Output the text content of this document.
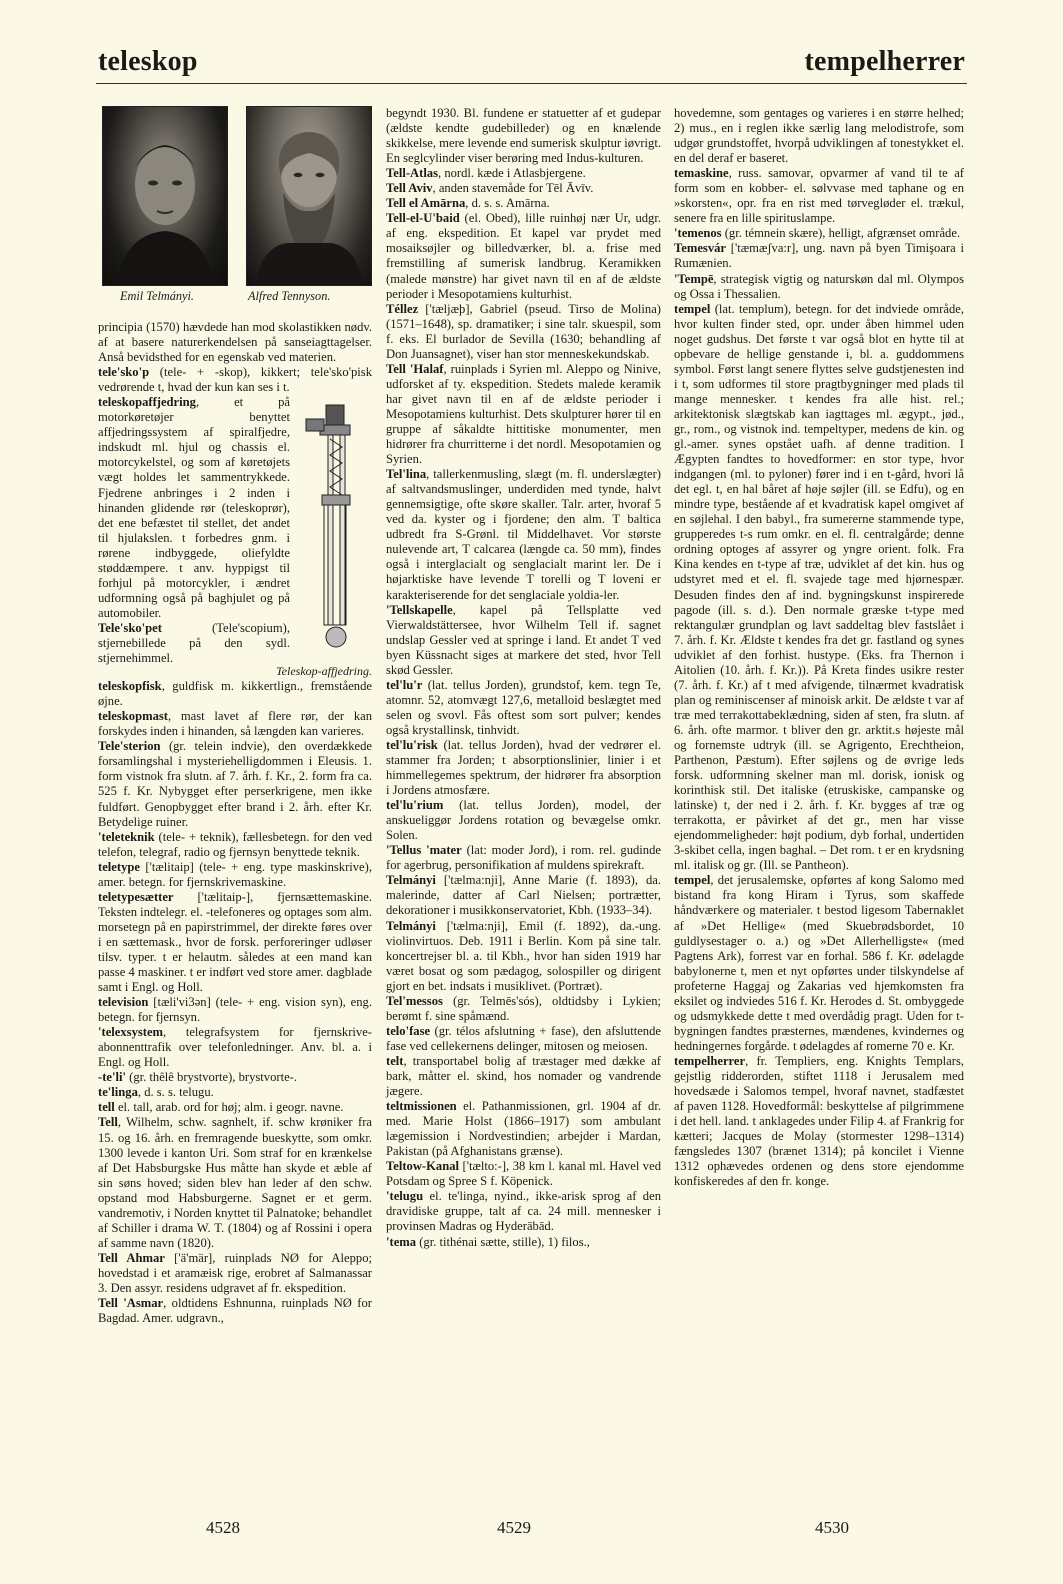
teleskop	tempelherrer
Emil Telmányi.	Alfred Tennyson.

principia (1570) hævdede han mod skolastikken nødv. af at basere naturerkendelsen på sanseiagttagelser. Anså bevidsthed for en egenskab ved materien.

tele'sko'p (tele- + -skop), kikkert; tele'sko'pisk vedrørende t, hvad der kun kan ses i t.

teleskopaffjedring, et på motorkøretøjer benyttet affjedringssystem af spiralfjedre, indskudt ml. hjul og chassis el. motorcykelstel, og som af køretøjets vægt holdes let sammentrykkede. Fjedrene anbringes i 2 inden i hinanden glidende rør (teleskoprør), det ene befæstet til stellet, det andet til hjulakslen. t forbedres gnm. i rørene indbyggede, oliefyldte støddæmpere. t anv. hyppigst til forhjul på motorcykler, i ændret udformning også på baghjulet og på automobiler.

Tele'sko'pet (Tele'scopium), stjernebillede på den sydl. stjernehimmel.

Teleskop-affjedring.

teleskopfisk, guldfisk m. kikkertlign., fremstående øjne.

teleskopmast, mast lavet af flere rør, der kan forskydes inden i hinanden, så længden kan varieres.

Tele'sterion (gr. telein indvie), den overdækkede forsamlingshal i mysteriehelligdommen i Eleusis. 1. form vistnok fra slutn. af 7. årh. f. Kr., 2. form fra ca. 525 f. Kr. Nybygget efter perserkrigene, men ikke fuldført. Genopbygget efter brand i 2. årh. efter Kr. Betydelige ruiner.

'teleteknik (tele- + teknik), fællesbetegn. for den ved telefon, telegraf, radio og fjernsyn benyttede teknik.

teletype ['tælitaip] (tele- + eng. type maskinskrive), amer. betegn. for fjernskrivemaskine.

teletypesætter ['tælitaip-], fjernsættemaskine. Teksten indtelegr. el. -telefoneres og optages som alm. morsetegn på en papirstrimmel, der direkte føres over i en sættemask., hvor de forsk. perforeringer udløser tilsv. typer. t er helautm. således at een mand kan passe 4 maskiner. t er indført ved store amer. dagblade samt i Engl. og Holl.

television [tæli'vi3ən] (tele- + eng. vision syn), eng. betegn. for fjernsyn.

'telexsystem, telegrafsystem for fjernskrive-abonnenttrafik over telefonledninger. Anv. bl. a. i Engl. og Holl.

-te'li' (gr. thêlê brystvorte), brystvorte-.

te'linga, d. s. s. telugu.

tell el. tall, arab. ord for høj; alm. i geogr. navne.

Tell, Wilhelm, schw. sagnhelt, if. schw krøniker fra 15. og 16. årh. en fremragende bueskytte, som omkr. 1300 levede i kanton Uri. Som straf for en krænkelse af Det Habsburgske Hus måtte han skyde et æble af sin søns hoved; siden blev han leder af den schw. opstand mod Habsburgerne. Sagnet er et germ. vandremotiv, i Norden knyttet til Palnatoke; behandlet af Schiller i drama W. T. (1804) og af Rossini i opera af samme navn (1820).

Tell Ahmar ['ä'mär], ruinplads NØ for Aleppo; hovedstad i et aramæisk rige, erobret af Salmanassar 3. Den assyr. residens udgravet af fr. ekspedition.

Tell 'Asmar, oldtidens Eshnunna, ruinplads NØ for Bagdad. Amer. udgravn.,

begyndt 1930. Bl. fundene er statuetter af et gudepar (ældste kendte gudebilleder) og en knælende skikkelse, mere levende end sumerisk skulptur iøvrigt. En seglcylinder viser berøring med Indus-kulturen.

Tell-Atlas, nordl. kæde i Atlasbjergene.

Tell Aviv, anden stavemåde for Tēl Āvīv.

Tell el Amārna, d. s. s. Amārna.

Tell-el-U'baid (el. Obed), lille ruinhøj nær Ur, udgr. af eng. ekspedition. Et kapel var prydet med mosaiksøjler og billedværker, bl. a. frise med fremstilling af sumerisk landbrug. Keramikken (malede mønstre) har givet navn til en af de ældste perioder i Mesopotamiens kulturhist.

Téllez ['tæljæþ], Gabriel (pseud. Tirso de Molina) (1571–1648), sp. dramatiker; i sine talr. skuespil, som f. eks. El burlador de Sevilla (1630; behandling af Don Juansagnet), viser han stor menneskekundskab.

Tell 'Halaf, ruinplads i Syrien ml. Aleppo og Ninive, udforsket af ty. ekspedition. Stedets malede keramik har givet navn til en af de ældste perioder i Mesopotamiens kulturhist. Dets skulpturer hører til en gruppe af såkaldte hittitiske monumenter, men hidrører fra churritterne i det nordl. Mesopotamien og Syrien.

Tel'lina, tallerkenmusling, slægt (m. fl. underslægter) af saltvandsmuslinger, underdiden med tynde, halvt gennemsigtige, ofte skøre skaller. Talr. arter, hvoraf 5 ved da. kyster og i fjordene; den alm. T baltica udbredt fra S-Grønl. til Middelhavet. Vor største nulevende art, T calcarea (længde ca. 50 mm), findes også i interglacialt og senglacialt marint ler. De i højarktiske have levende T torelli og T loveni er karakteriserende for det senglaciale yoldia-ler.

'Tellskapelle, kapel på Tellsplatte ved Vierwaldstättersee, hvor Wilhelm Tell if. sagnet undslap Gessler ved at springe i land. Et andet T ved byen Küssnacht siges at markere det sted, hvor Tell skød Gessler.

tel'lu'r (lat. tellus Jorden), grundstof, kem. tegn Te, atomnr. 52, atomvægt 127,6, metalloid beslægtet med selen og svovl. Fås oftest som sort pulver; kendes også krystallinsk, tinhvidt.

tel'lu'risk (lat. tellus Jorden), hvad der vedrører el. stammer fra Jorden; t absorptionslinier, linier i et himmellegemes spektrum, der hidrører fra absorption i Jordens atmosfære.

tel'lu'rium (lat. tellus Jorden), model, der anskueliggør Jordens rotation og bevægelse omkr. Solen.

'Tellus 'mater (lat: moder Jord), i rom. rel. gudinde for agerbrug, personifikation af muldens spirekraft.

Telmányi ['tælma:nji], Anne Marie (f. 1893), da. malerinde, datter af Carl Nielsen; portrætter, dekorationer i musikkonservatoriet, Kbh. (1933–34).

Telmányi ['tælma:nji], Emil (f. 1892), da.-ung. violinvirtuos. Deb. 1911 i Berlin. Kom på sine talr. koncertrejser bl. a. til Kbh., hvor han siden 1919 har været bosat og som pædagog, solospiller og dirigent gjort en bet. indsats i musiklivet. (Portræt).

Tel'messos (gr. Telmēs'sós), oldtidsby i Lykien; berømt f. sine spåmænd.

telo'fase (gr. télos afslutning + fase), den afsluttende fase ved cellekernens delinger, mitosen og meiosen.

telt, transportabel bolig af træstager med dække af bark, måtter el. skind, hos nomader og vandrende jægere.

teltmissionen el. Pathanmissionen, grl. 1904 af dr. med. Marie Holst (1866–1917) som ambulant lægemission i Nordvestindien; arbejder i Mardan, Pakistan (på Afghanistans grænse).

Teltow-Kanal ['tælto:-], 38 km l. kanal ml. Havel ved Potsdam og Spree S f. Köpenick.

'telugu el. te'linga, nyind., ikke-arisk sprog af den dravidiske gruppe, talt af ca. 24 mill. mennesker i provinsen Madras og Hyderābād.

'tema (gr. tithénai sætte, stille), 1) filos.,

hovedemne, som gentages og varieres i en større helhed; 2) mus., en i reglen ikke særlig lang melodistrofe, som udgør grundstoffet, hvorpå udviklingen af tonestykket el. en del deraf er baseret.

temaskine, russ. samovar, opvarmer af vand til te af form som en kobber- el. sølvvase med taphane og en »skorsten«, opr. fra en rist med tørvegløder el. trækul, senere fra en lille spirituslampe.

'temenos (gr. témnein skære), helligt, afgrænset område.

Temesvár ['tæmæʃva:r], ung. navn på byen Timişoara i Rumænien.

'Tempē, strategisk vigtig og naturskøn dal ml. Olympos og Ossa i Thessalien.

tempel (lat. templum), betegn. for det indviede område, hvor kulten finder sted, opr. under åben himmel uden noget gudshus. Det første t var også blot en hytte til at opbevare de hellige genstande i, bl. a. guddommens symbol. Først langt senere flyttes selve gudstjenesten ind i t, som udformes til store pragtbygninger med plads til mange mennesker. t kendes fra alle hist. rel.; arkitektonisk slægtskab kan iagttages ml. ægypt., jød., gr., rom., og vistnok ind. tempeltyper, medens de kin. og gl.-amer. synes opstået uafh. af denne tradition. I Ægypten fandtes to hovedformer: en stor type, hvor indgangen (ml. to pyloner) fører ind i en t-gård, hvori lå det egl. t, en hal båret af høje søjler (ill. se Edfu), og en mindre type, bestående af et kvadratisk kapel omgivet af en søjlehal. I den babyl., fra sumererne stammende type, grupperedes t-s rum omkr. en el. fl. centralgårde; denne ordning optoges af assyrer og yngre orient. folk. Fra Kina kendes en t-type af træ, udviklet af det kin. hus og udstyret med et el. fl. svajede tage med hjørnespær. Desuden findes den af ind. bygningskunst inspirerede pagode (ill. s. d.). Den normale græske t-type med rektangulær grundplan og lavt saddeltag blev fastslået i 7. årh. f. Kr. Ældste t kendes fra det gr. fastland og synes udviklet af den forhist. hustype. (Eks. fra Thernon i Aitolien (10. årh. f. Kr.)). På Kreta findes usikre rester (7. årh. f. Kr.) af t med afvigende, tilnærmet kvadratisk plan og reminiscenser af minoisk arkit. De ældste t var af træ med terrakottabeklædning, siden af sten, fra slutn. af 6. årh. ofte marmor. t bliver den gr. arktit.s højeste mål og fornemste udtryk (ill. se Agrigento, Erechtheion, Parthenon, Pæstum). Efter søjlens og de øvrige leds forsk. udformning skelner man ml. dorisk, ionisk og korinthisk stil. Det italiske (etruskiske, campanske og latinske) t, der ned i 2. årh. f. Kr. bygges af træ og terrakotta, er påvirket af det gr., men har visse ejendommeligheder: højt podium, dyb forhal, undertiden 3-skibet cella, ingen baghal. – Det rom. t er en krydsning ml. italisk og gr. (Ill. se Pantheon).

tempel, det jerusalemske, opførtes af kong Salomo med bistand fra kong Hiram i Tyrus, som skaffede håndværkere og materialer. t bestod ligesom Tabernaklet af »Det Hellige« (med Skuebrødsbordet, 10 guldlysestager o. a.) og »Det Allerhelligste« (med Pagtens Ark), forrest var en forhal. 586 f. Kr. ødelagde babylonerne t, men et nyt opførtes under tilskyndelse af profeterne Haggaj og Zakarias ved hjemkomsten fra eksilet og indviedes 516 f. Kr. Herodes d. St. ombyggede og udsmykkede dette t med overdådig pragt. Uden for t-bygningen fandtes præsternes, mændenes, kvindernes og hedningernes forgårde. t ødelagdes af romerne 70 e. Kr.

tempelherrer, fr. Templiers, eng. Knights Templars, gejstlig ridderorden, stiftet 1118 i Jerusalem med hovedsæde i Salomos tempel, hvoraf navnet, stadfæstet af paven 1128. Hovedformål: beskyttelse af pilgrimmene i det hell. land. t anklagedes under Filip 4. af Frankrig for kætteri; Jacques de Molay (stormester 1298–1314) fængsledes 1307 (brænet 1314); på koncilet i Vienne 1312 ophævedes ordenen og dens store ejendomme konfiskeredes af den fr. konge.

4528	4529	4530
